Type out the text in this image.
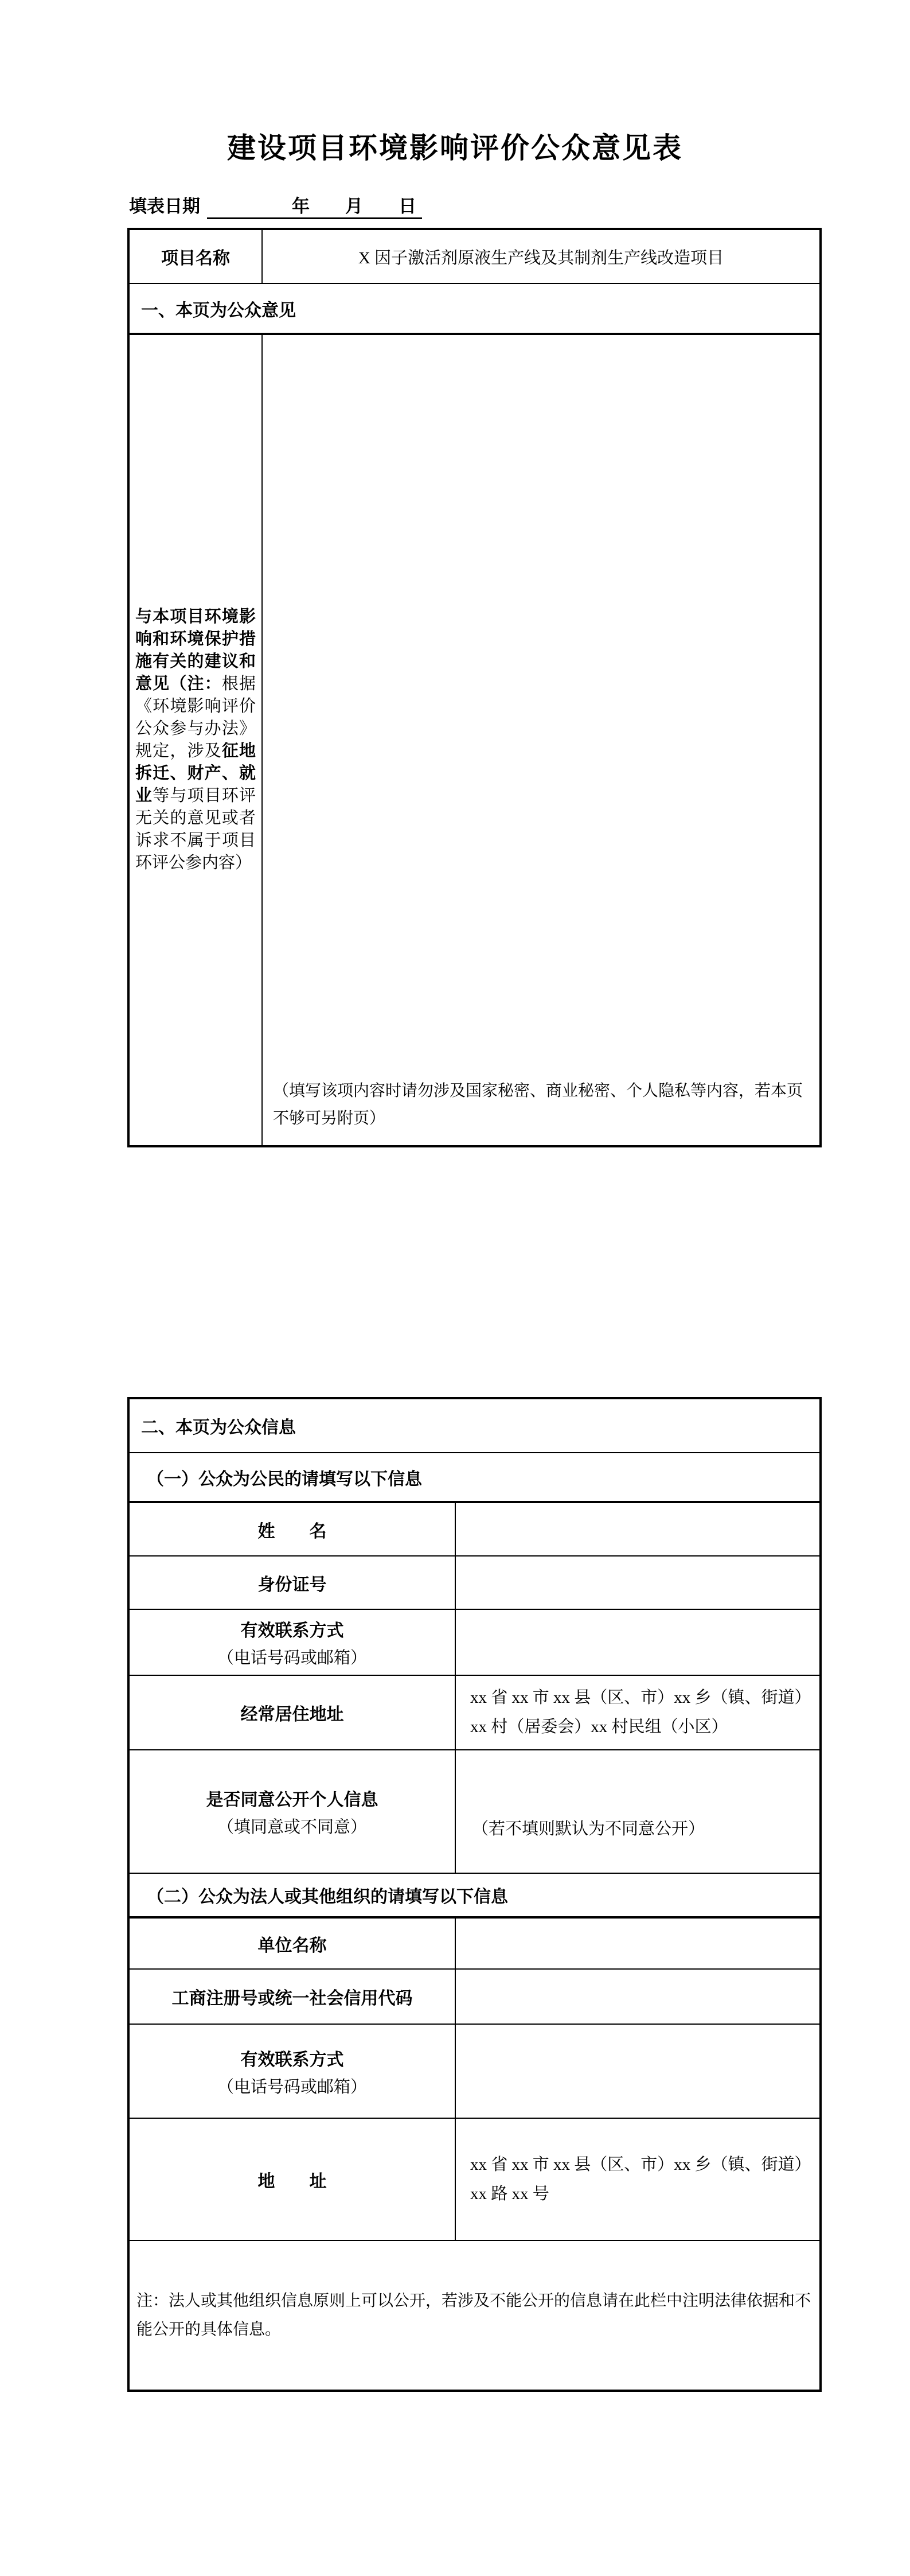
建设项目环境影响评价公众意见表
填表日期	年　　月　　日
项目名称	X 因子激活剂原液生产线及其制剂生产线改造项目
一、本页为公众意见	
与本项目环境影响和环境保护措施有关的建议和意见（注：根据《环境影响评价公众参与办法》规定，涉及征地拆迁、财产、就业等与项目环评无关的意见或者诉求不属于项目环评公参内容）	（填写该项内容时请勿涉及国家秘密、商业秘密、个人隐私等内容，若本页不够可另附页）
二、本页为公众信息	
（一）公众为公民的请填写以下信息	
姓　　名	
身份证号	

有效联系方式
（电话号码或邮箱）	

经常居住地址	xx 省 xx 市 xx 县（区、市）xx 乡（镇、街道）xx 村（居委会）xx 村民组（小区）

是否同意公开个人信息
（填同意或不同意）	（若不填则默认为不同意公开）

（二）公众为法人或其他组织的请填写以下信息	
单位名称	
工商注册号或统一社会信用代码	

有效联系方式
（电话号码或邮箱）	

地　　址	xx 省 xx 市 xx 县（区、市）xx 乡（镇、街道）xx 路 xx 号
注：法人或其他组织信息原则上可以公开，若涉及不能公开的信息请在此栏中注明法律依据和不能公开的具体信息。	
